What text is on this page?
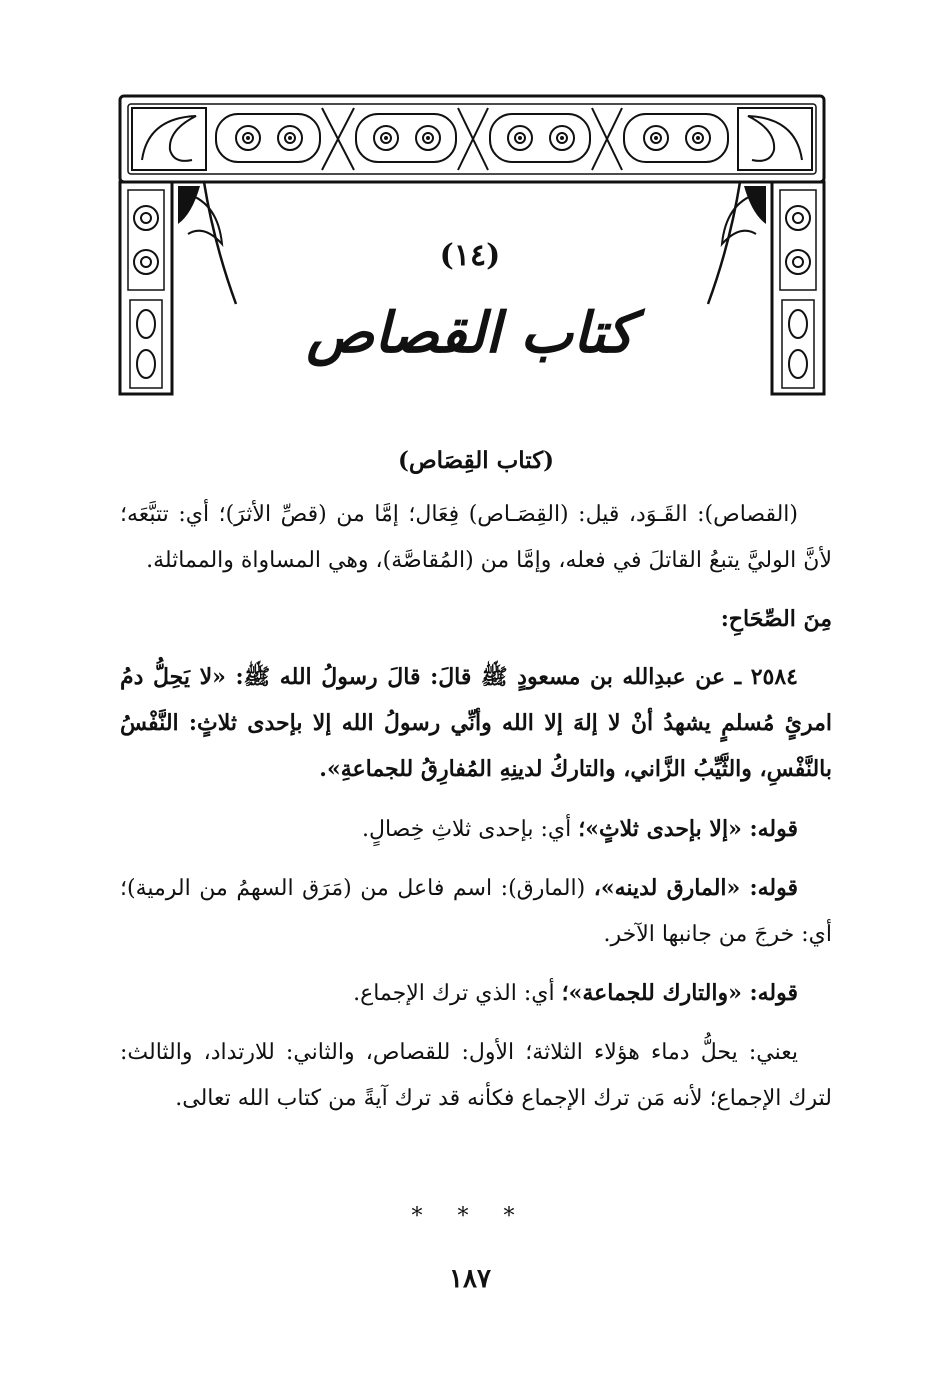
(١٤)
كتاب القصاص

(كتاب القِصَاص)

(القصاص): القَـوَد، قيل: (القِصَـاص) فِعَال؛ إمَّا من (قصِّ الأثرَ)؛ أي: تتبَّعَه؛ لأنَّ الوليَّ يتبعُ القاتلَ في فعله، وإمَّا من (المُقاصَّة)، وهي المساواة والمماثلة.

مِنَ الصِّحَاحِ:

٢٥٨٤ ـ عن عبدِالله بن مسعودٍ ﷺ قالَ: قالَ رسولُ الله ﷺ: «لا يَحِلُّ دمُ امرئٍ مُسلمٍ يشهدُ أنْ لا إلهَ إلا الله وأنِّي رسولُ الله إلا بإحدى ثلاثٍ: النَّفْسُ بالنَّفْسِ، والثَّيِّبُ الزَّاني، والتاركُ لدينِهِ المُفارِقُ للجماعةِ».

قوله: «إلا بإحدى ثلاثٍ»؛ أي: بإحدى ثلاثِ خِصالٍ.

قوله: «المارق لدينه»، (المارق): اسم فاعل من (مَرَق السهمُ من الرمية)؛ أي: خرجَ من جانبها الآخر.

قوله: «والتارك للجماعة»؛ أي: الذي ترك الإجماع.

يعني: يحلُّ دماء هؤلاء الثلاثة؛ الأول: للقصاص، والثاني: للارتداد، والثالث: لترك الإجماع؛ لأنه مَن ترك الإجماع فكأنه قد ترك آيةً من كتاب الله تعالى.

* * *
١٨٧
